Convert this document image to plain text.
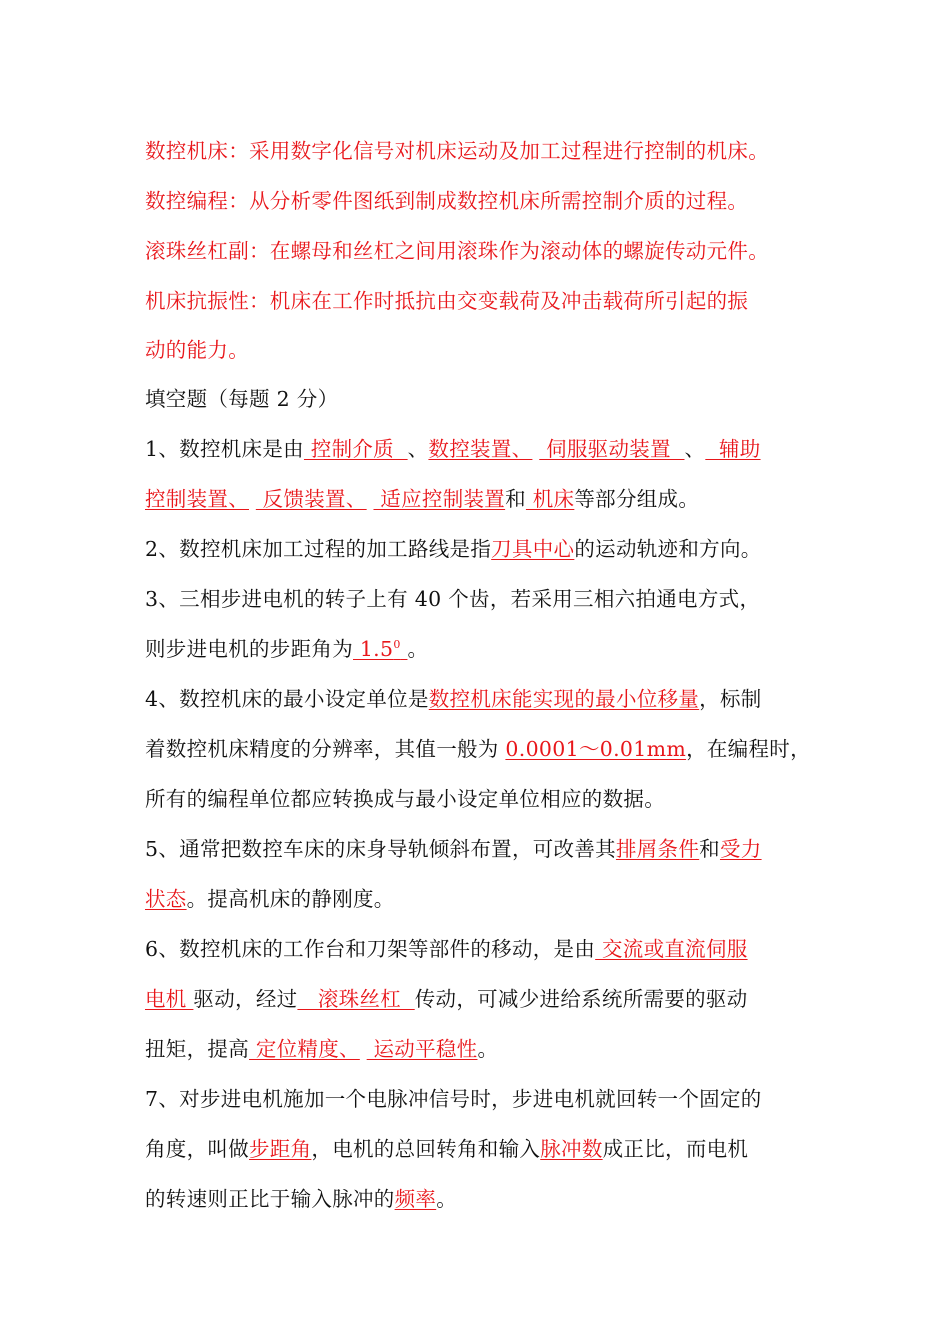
数控机床：采用数字化信号对机床运动及加工过程进行控制的机床。
数控编程：从分析零件图纸到制成数控机床所需控制介质的过程。
滚珠丝杠副：在螺母和丝杠之间用滚珠作为滚动体的螺旋传动元件。
机床抗振性：机床在工作时抵抗由交变载荷及冲击载荷所引起的振
动的能力。
填空题（每题 2 分）
1、数控机床是由 控制介质  、数控装置、  伺服驱动装置  、  辅助
控制装置、  反馈装置、  适应控制装置和 机床等部分组成。
2、数控机床加工过程的加工路线是指刀具中心的运动轨迹和方向。
3、三相步进电机的转子上有 40 个齿，若采用三相六拍通电方式，
则步进电机的步距角为 $1.5^0$ 。
4、数控机床的最小设定单位是数控机床能实现的最小位移量，标制
着数控机床精度的分辨率，其值一般为 0.0001～0.01mm，在编程时，
所有的编程单位都应转换成与最小设定单位相应的数据。
5、通常把数控车床的床身导轨倾斜布置，可改善其排屑条件和受力
状态。提高机床的静刚度。
6、数控机床的工作台和刀架等部件的移动，是由 交流或直流伺服
电机 驱动，经过   滚珠丝杠  传动，可减少进给系统所需要的驱动
扭矩，提高 定位精度、  运动平稳性。
7、对步进电机施加一个电脉冲信号时，步进电机就回转一个固定的
角度，叫做步距角，电机的总回转角和输入脉冲数成正比，而电机
的转速则正比于输入脉冲的频率。
